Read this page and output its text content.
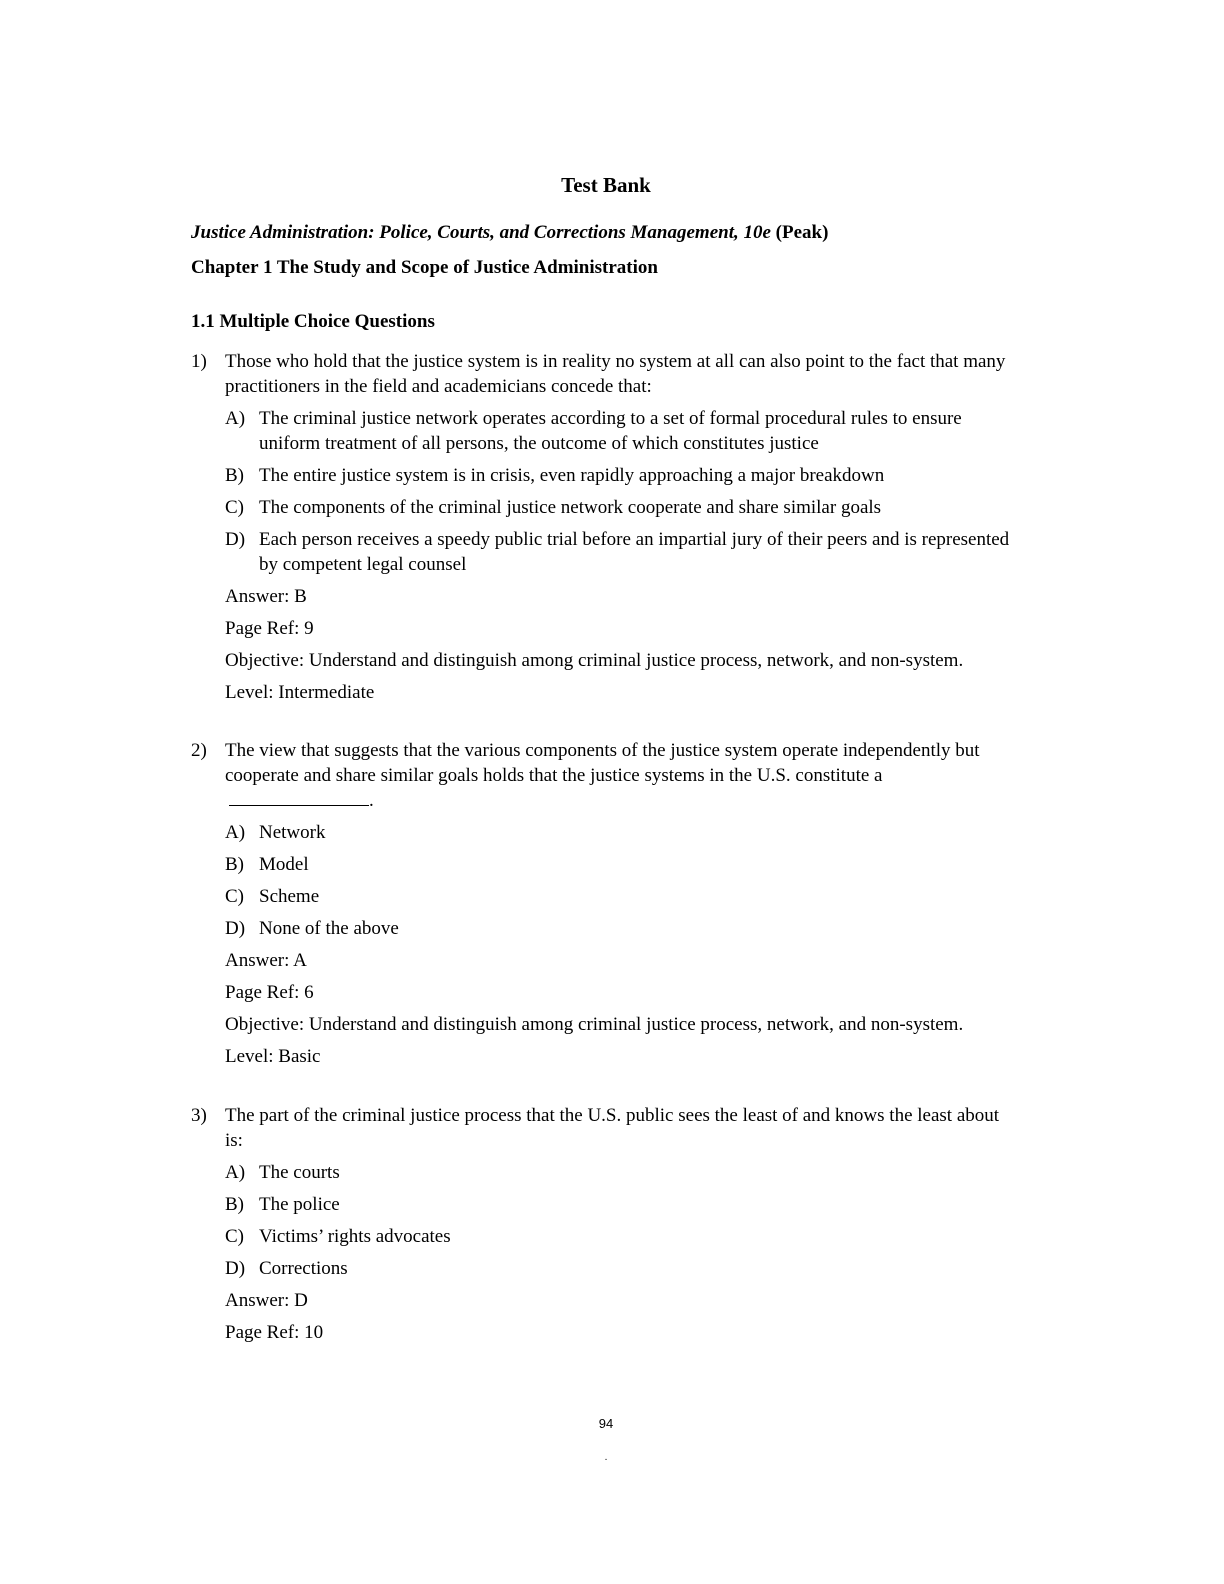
Test Bank
Justice Administration: Police, Courts, and Corrections Management, 10e (Peak)
Chapter 1 The Study and Scope of Justice Administration
1.1 Multiple Choice Questions
1) Those who hold that the justice system is in reality no system at all can also point to the fact that many practitioners in the field and academicians concede that:
A) The criminal justice network operates according to a set of formal procedural rules to ensure uniform treatment of all persons, the outcome of which constitutes justice
B) The entire justice system is in crisis, even rapidly approaching a major breakdown
C) The components of the criminal justice network cooperate and share similar goals
D) Each person receives a speedy public trial before an impartial jury of their peers and is represented by competent legal counsel
Answer: B
Page Ref: 9
Objective: Understand and distinguish among criminal justice process, network, and non-system.
Level: Intermediate
2) The view that suggests that the various components of the justice system operate independently but cooperate and share similar goals holds that the justice systems in the U.S. constitute a.
A) Network
B) Model
C) Scheme
D) None of the above
Answer: A
Page Ref: 6
Objective: Understand and distinguish among criminal justice process, network, and non-system.
Level: Basic
3) The part of the criminal justice process that the U.S. public sees the least of and knows the least about is:
A) The courts
B) The police
C) Victims’ rights advocates
D) Corrections
Answer: D
Page Ref: 10
94
.
